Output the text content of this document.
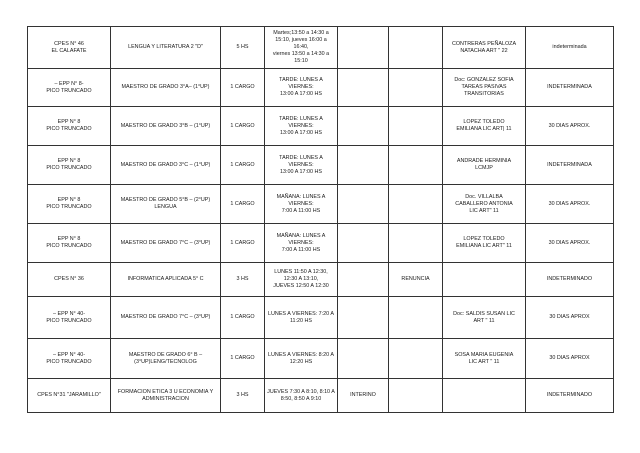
CPES N° 46
EL CALAFATE	LENGUA Y LITERATURA 2 "D"	5 HS	Martes;13:50 a 14:30 a
15:10, jueves 16:00 a 16:40,
viernes 13:50 a 14:30 a
15:10			CONTRERAS PEÑALOZA
NATACHA ART " 22	indeterminada

– EPP N° 8-
PICO TRUNCADO	MAESTRO DE GRADO 3°A– (1°UP)	1 CARGO	TARDE: LUNES A VIERNES:
13:00 A 17:00 HS			Doc: GONZALEZ SOFIA
TAREAS PASIVAS
TRANSITORIAS	INDETERMINADA

EPP N° 8
PICO TRUNCADO	MAESTRO DE GRADO 3°B – (1°UP)	1 CARGO	TARDE: LUNES A VIERNES:
13:00 A 17:00 HS			LOPEZ TOLEDO
EMILIANA LIC ART| 11	30 DIAS APROX.

EPP N° 8
PICO TRUNCADO	MAESTRO DE GRADO 3°C – (1°UP)	1 CARGO	TARDE: LUNES A VIERNES:
13:00 A 17:00 HS			ANDRADE HERMINIA
LCMJP	INDETERMINADA

EPP N° 8
PICO TRUNCADO	MAESTRO DE GRADO 5°B – (2°UP) LENGUA	1 CARGO	MAÑANA: LUNES A VIERNES:
7:00 A 11:00 HS			Doc. VILLALBA
CABALLERO ANTONIA
LIC ART" 11	30 DIAS APROX.

EPP N° 8
PICO TRUNCADO	MAESTRO DE GRADO 7°C – (3°UP)	1 CARGO	MAÑANA: LUNES A VIERNES:
7:00 A 11:00 HS			LOPEZ TOLEDO
EMILIANA LIC ART" 11	30 DIAS APROX.

CPES N° 36	INFORMATICA APLICADA 5° C	3 HS	LUNES 11:50 A 12:30, 12:30 A 13:10,
JUEVES 12:50 A 12:30		RENUNCIA		INDETERMINADO

– EPP N° 40-
PICO TRUNCADO	MAESTRO DE GRADO 7°C – (3°UP)	1 CARGO	LUNES A VIERNES: 7:20 A
11:20 HS			Doc: SALDIS SUSAN LIC
ART " 11	30 DIAS APROX

– EPP N° 40-
PICO TRUNCADO	MAESTRO DE GRADO 6° B –
(3°UP)LENG/TECNOLOG	1 CARGO	LUNES A VIERNES: 8:20 A
12:20 HS			SOSA MARIA EUGENIA
LIC ART " 11	30 DIAS APROX

CPES N°31 "JARAMILLO"	FORMACION ETICA 3 U ECONOMIA Y
ADMINISTRACION	3 HS	JUEVES 7:30 A 8:10, 8:10 A
8:50, 8:50 A 9:10	INTERINO			INDETERMINADO
